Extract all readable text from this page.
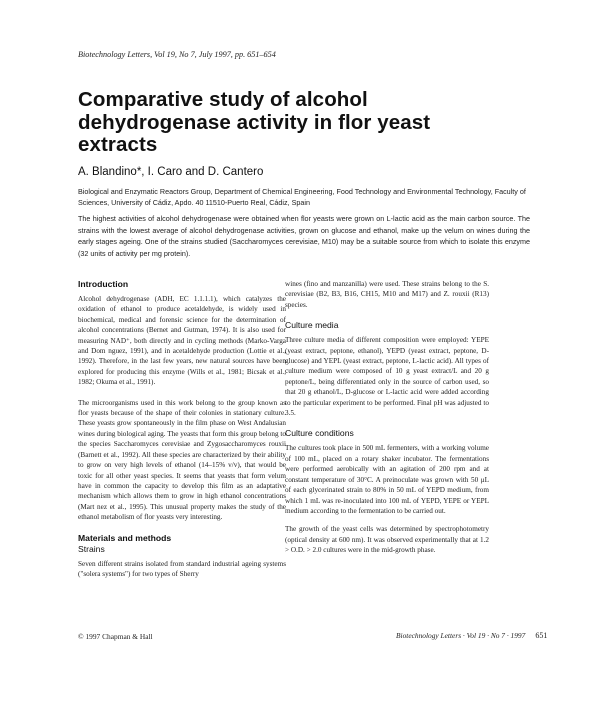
Biotechnology Letters, Vol 19, No 7, July 1997, pp. 651–654
Comparative study of alcohol dehydrogenase activity in flor yeast extracts
A. Blandino*, I. Caro and D. Cantero

Biological and Enzymatic Reactors Group, Department of Chemical Engineering, Food Technology and Environmental Technology, Faculty of Sciences, University of Cádiz, Apdo. 40 11510-Puerto Real, Cádiz, Spain

The highest activities of alcohol dehydrogenase were obtained when flor yeasts were grown on L-lactic acid as the main carbon source. The strains with the lowest average of alcohol dehydrogenase activities, grown on glucose and ethanol, make up the velum on wines during the early stages ageing. One of the strains studied (Saccharomyces cerevisiae, M10) may be a suitable source from which to isolate this enzyme (32 units of activity per mg protein).

Introduction

Alcohol dehydrogenase (ADH, EC 1.1.1.1), which catalyzes the oxidation of ethanol to produce acetaldehyde, is widely used in biochemical, medical and forensic science for the determination of alcohol concentrations (Bernet and Gutman, 1974). It is also used for measuring NAD⁺, both directly and in cycling methods (Marko-Varga and Dom nguez, 1991), and in acetaldehyde production (Lottie et al., 1992). Therefore, in the last few years, new natural sources have been explored for producing this enzyme (Wills et al., 1981; Bicsak et al., 1982; Okuma et al., 1991).

The microorganisms used in this work belong to the group known as flor yeasts because of the shape of their colonies in stationary culture. These yeasts grow spontaneously in the film phase on West Andalusian wines during biological aging. The yeasts that form this group belong to the species Saccharomyces cerevisiae and Zygosaccharomyces rouxii (Barnett et al., 1992). All these species are characterized by their ability to grow on very high levels of ethanol (14–15% v/v), that would be toxic for all other yeast species. It seems that yeasts that form velum have in common the capacity to develop this film as an adaptative mechanism which allows them to grow in high ethanol concentrations (Mart nez et al., 1995). This unusual property makes the study of the ethanol metabolism of flor yeasts very interesting.

Materials and methods
Strains

Seven different strains isolated from standard industrial ageing systems ("solera systems") for two types of Sherry

wines (fino and manzanilla) were used. These strains belong to the S. cerevisiae (B2, B3, B16, CH15, M10 and M17) and Z. rouxii (R13) species.

Culture media

Three culture media of different composition were employed: YEPE (yeast extract, peptone, ethanol), YEPD (yeast extract, peptone, D-glucose) and YEPL (yeast extract, peptone, L-lactic acid). All types of culture medium were composed of 10 g yeast extract/L and 20 g peptone/L, being differentiated only in the source of carbon used, so that 20 g ethanol/L, D-glucose or L-lactic acid were added according to the particular experiment to be performed. Final pH was adjusted to 3.5.

Culture conditions

The cultures took place in 500 mL fermenters, with a working volume of 100 mL, placed on a rotary shaker incubator. The fermentations were performed aerobically with an agitation of 200 rpm and at constant temperature of 30°C. A preinoculate was grown with 50 μL of each glycerinated strain to 80% in 50 mL of YEPD medium, from which 1 mL was re-inoculated into 100 mL of YEPD, YEPE or YEPL medium according to the fermentation to be carried out.

The growth of the yeast cells was determined by spectrophotometry (optical density at 600 nm). It was observed experimentally that at 1.2 > O.D. > 2.0 cultures were in the mid-growth phase.

© 1997 Chapman & Hall	Biotechnology Letters · Vol 19 · No 7 · 1997 651
